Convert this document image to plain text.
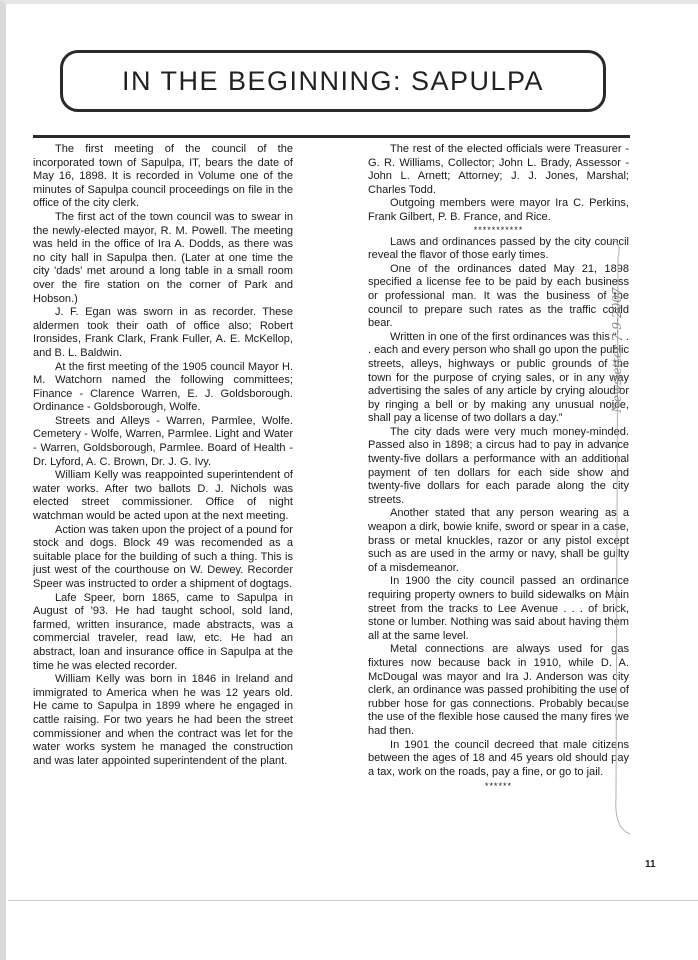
IN THE BEGINNING: SAPULPA

The first meeting of the council of the incorporated town of Sapulpa, IT, bears the date of May 16, 1898. It is recorded in Volume one of the minutes of Sapulpa council proceedings on file in the office of the city clerk.

The first act of the town council was to swear in the newly-elected mayor, R. M. Powell. The meeting was held in the office of Ira A. Dodds, as there was no city hall in Sapulpa then. (Later at one time the city 'dads' met around a long table in a small room over the fire station on the corner of Park and Hobson.)

J. F. Egan was sworn in as recorder. These aldermen took their oath of office also; Robert Ironsides, Frank Clark, Frank Fuller, A. E. McKellop, and B. L. Baldwin.

At the first meeting of the 1905 council Mayor H. M. Watchorn named the following committees; Finance - Clarence Warren, E. J. Goldsborough. Ordinance - Goldsborough, Wolfe.

Streets and Alleys - Warren, Parmlee, Wolfe. Cemetery - Wolfe, Warren, Parmlee. Light and Water - Warren, Goldsborough, Parmlee. Board of Health - Dr. Lyford, A. C. Brown, Dr. J. G. Ivy.

William Kelly was reappointed superintendent of water works. After two ballots D. J. Nichols was elected street commissioner. Office of night watchman would be acted upon at the next meeting.

Action was taken upon the project of a pound for stock and dogs. Block 49 was recomended as a suitable place for the building of such a thing. This is just west of the courthouse on W. Dewey. Recorder Speer was instructed to order a shipment of dogtags.

Lafe Speer, born 1865, came to Sapulpa in August of '93. He had taught school, sold land, farmed, written insurance, made abstracts, was a commercial traveler, read law, etc. He had an abstract, loan and insurance office in Sapulpa at the time he was elected recorder.

William Kelly was born in 1846 in Ireland and immigrated to America when he was 12 years old. He came to Sapulpa in 1899 where he engaged in cattle raising. For two years he had been the street commissioner and when the contract was let for the water works system he managed the construction and was later appointed superintendent of the plant.

The rest of the elected officials were Treasurer - G. R. Williams, Collector; John L. Brady, Assessor - John L. Arnett; Attorney; J. J. Jones, Marshal; Charles Todd.

Outgoing members were mayor Ira C. Perkins, Frank Gilbert, P. B. France, and Rice.

***********

Laws and ordinances passed by the city council reveal the flavor of those early times.

One of the ordinances dated May 21, 1898 specified a license fee to be paid by each business or professional man. It was the business of the council to prepare such rates as the traffic could bear.

Written in one of the first ordinances was this “ . . . each and every person who shall go upon the public streets, alleys, highways or public grounds of the town for the purpose of crying sales, or in any way advertising the sales of any article by crying aloud or by ringing a bell or by making any unusual noice, shall pay a license of two dollars a day.”

The city dads were very much money-minded. Passed also in 1898; a circus had to pay in advance twenty-five dollars a performance with an additional payment of ten dollars for each side show and twenty-five dollars for each parade along the city streets.

Another stated that any person wearing as a weapon a dirk, bowie knife, sword or spear in a case, brass or metal knuckles, razor or any pistol except such as are used in the army or navy, shall be guilty of a misdemeanor.

In 1900 the city council passed an ordinance requiring property owners to build sidewalks on Main street from the tracks to Lee Avenue . . . of brick, stone or lumber. Nothing was said about having them all at the same level.

Metal connections are always used for gas fixtures now because back in 1910, while D. A. McDougal was mayor and Ira J. Anderson was city clerk, an ordinance was passed prohibiting the use of rubber hose for gas connections. Probably because the use of the flexible hose caused the many fires we had then.

In 1901 the council decreed that male citizens between the ages of 18 and 45 years old should pay a tax, work on the roads, pay a fine, or go to jail.

******
Newsletter 7-9-2007
11
